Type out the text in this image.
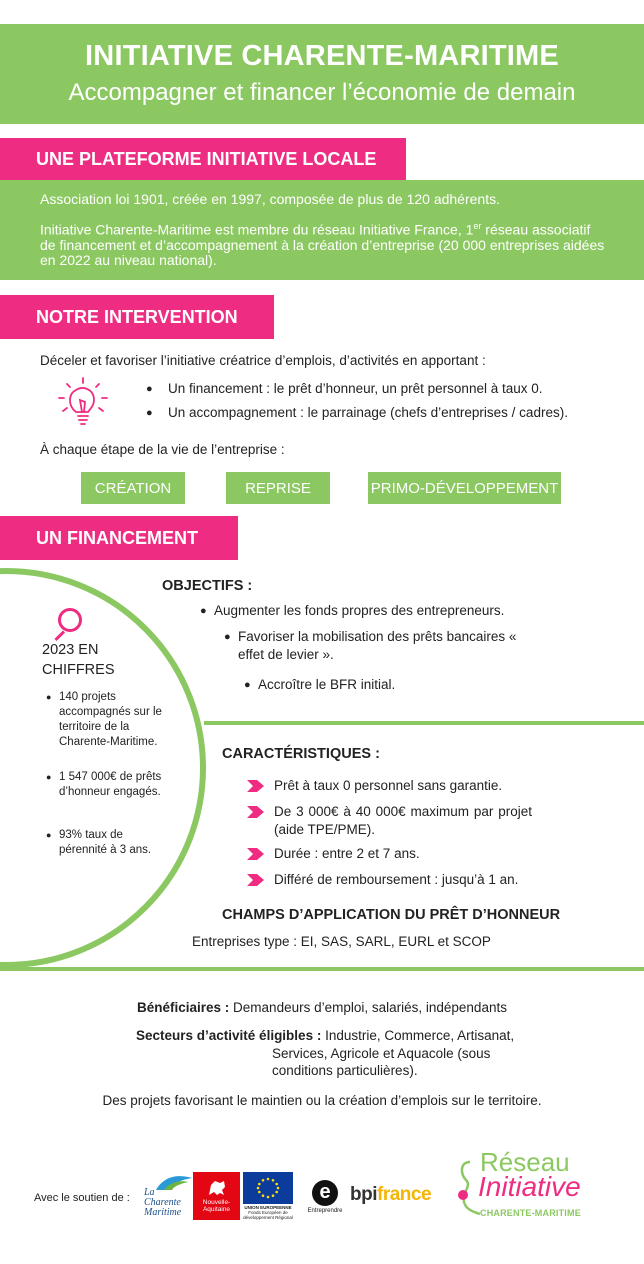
INITIATIVE CHARENTE-MARITIME
Accompagner et financer l’économie de demain
UNE PLATEFORME INITIATIVE LOCALE
Association loi 1901, créée en 1997, composée de plus de 120 adhérents.
Initiative Charente-Maritime est membre du réseau Initiative France, 1er réseau associatif de financement et d’accompagnement à la création d’entreprise (20 000 entreprises aidées en 2022 au niveau national).
NOTRE INTERVENTION
Déceler et favoriser l’initiative créatrice d’emplois, d’activités en apportant :
● Un financement : le prêt d’honneur, un prêt personnel à taux 0.
● Un accompagnement : le parrainage (chefs d’entreprises / cadres).
À chaque étape de la vie de l’entreprise :
CRÉATION	REPRISE	PRIMO-DÉVELOPPEMENT
UN FINANCEMENT
2023 EN
CHIFFRES
● 140 projets accompagnés sur le territoire de la Charente-Maritime.
● 1 547 000€ de prêts d’honneur engagés.
● 93% taux de pérennité à 3 ans.
OBJECTIFS :
● Augmenter les fonds propres des entrepreneurs.
● Favoriser la mobilisation des prêts bancaires « effet de levier ».
● Accroître le BFR initial.
CARACTÉRISTIQUES :
Prêt à taux 0 personnel sans garantie.
De 3 000€ à 40 000€ maximum par projet (aide TPE/PME).
Durée : entre 2 et 7 ans.
Différé de remboursement : jusqu’à 1 an.
CHAMPS D’APPLICATION DU PRÊT D’HONNEUR
Entreprises type : EI, SAS, SARL, EURL et SCOP
Bénéficiaires : Demandeurs d’emploi, salariés, indépendants
Secteurs d’activité éligibles : Industrie, Commerce, Artisanat,
Services, Agricole et Aquacole (sous
conditions particulières).
Des projets favorisant le maintien ou la création d’emplois sur le territoire.
Avec le soutien de : La
Charente
Maritime
Nouvelle-
Aquitaine	UNION EUROPEENNE
Fonds Européen de
développement Régional
e
Entreprendre
bpifrance
Réseau
Initiative
CHARENTE-MARITIME
